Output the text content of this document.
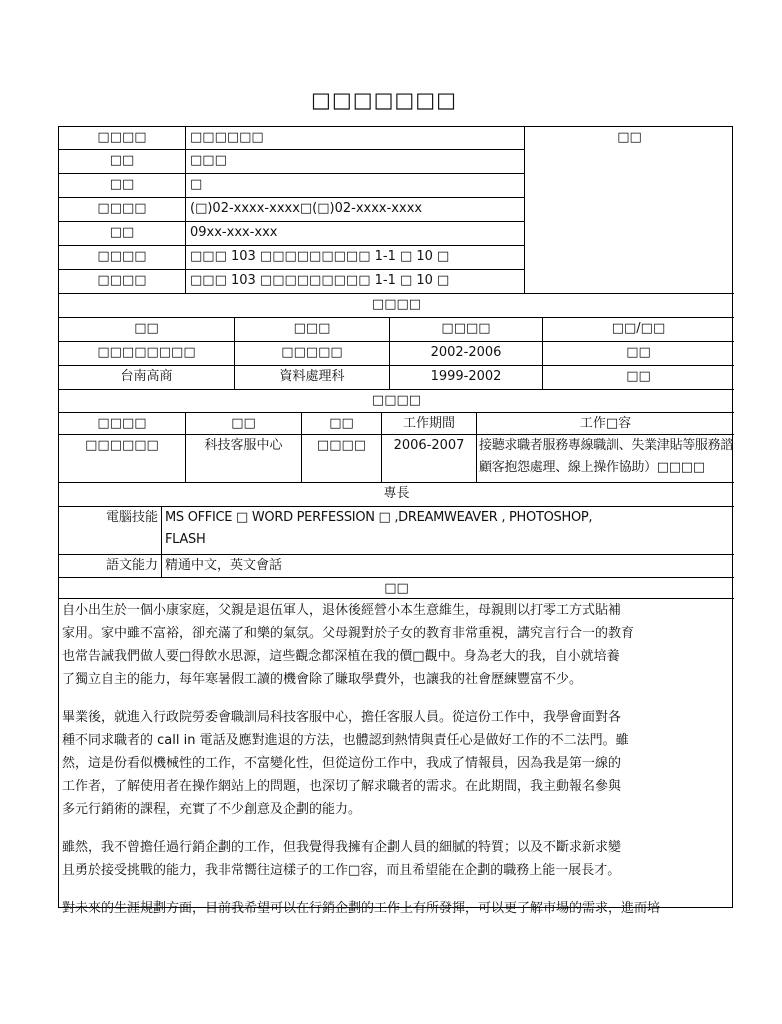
□□□□□□□
□□□□	□□□□□□
□□	□□□
□□	□
□□□□	(□)02-xxxx-xxxx□(□)02-xxxx-xxxx
□□	09xx-xxx-xxx
□□□□	□□□ 103 □□□□□□□□□ 1-1 □ 10 □
□□□□	□□□ 103 □□□□□□□□□ 1-1 □ 10 □
□□
□□□□
□□	□□□	□□□□	□□/□□
□□□□□□□□	□□□□□	2002-2006	□□
台南高商	資料處理科	1999-2002	□□
□□□□
□□□□	□□	□□	工作期間	工作□容
□□□□□□	科技客服中心	□□□□	2006-2007	接聽求職者服務專線職訓、失業津貼等服務諮
顧客抱怨處理、線上操作協助）□□□□
專長
電腦技能 MS OFFICE □ WORD PERFESSION □ ,DREAMWEAVER , PHOTOSHOP,
FLASH
語文能力 精通中文，英文會話
□□

自小出生於一個小康家庭，父親是退伍軍人，退休後經營小本生意維生，母親則以打零工方式貼補
家用。家中雖不富裕，卻充滿了和樂的氣氛。父母親對於子女的教育非常重視，講究言行合一的教育
也常告誡我們做人要□得飲水思源，這些觀念都深植在我的價□觀中。身為老大的我，自小就培養
了獨立自主的能力，每年寒暑假工讀的機會除了賺取學費外，也讓我的社會歷練豐富不少。

畢業後，就進入行政院勞委會職訓局科技客服中心，擔任客服人員。從這份工作中，我學會面對各
種不同求職者的 call in 電話及應對進退的方法，也體認到熱情與責任心是做好工作的不二法門。雖
然，這是份看似機械性的工作，不富變化性，但從這份工作中，我成了情報員，因為我是第一線的
工作者，了解使用者在操作網站上的問題，也深切了解求職者的需求。在此期間，我主動報名參與
多元行銷術的課程，充實了不少創意及企劃的能力。

雖然，我不曾擔任過行銷企劃的工作，但我覺得我擁有企劃人員的細膩的特質；以及不斷求新求變
且勇於接受挑戰的能力，我非常嚮往這樣子的工作□容，而且希望能在企劃的職務上能一展長才。

對未來的生涯規劃方面，目前我希望可以在行銷企劃的工作上有所發揮，可以更了解市場的需求，進而培
